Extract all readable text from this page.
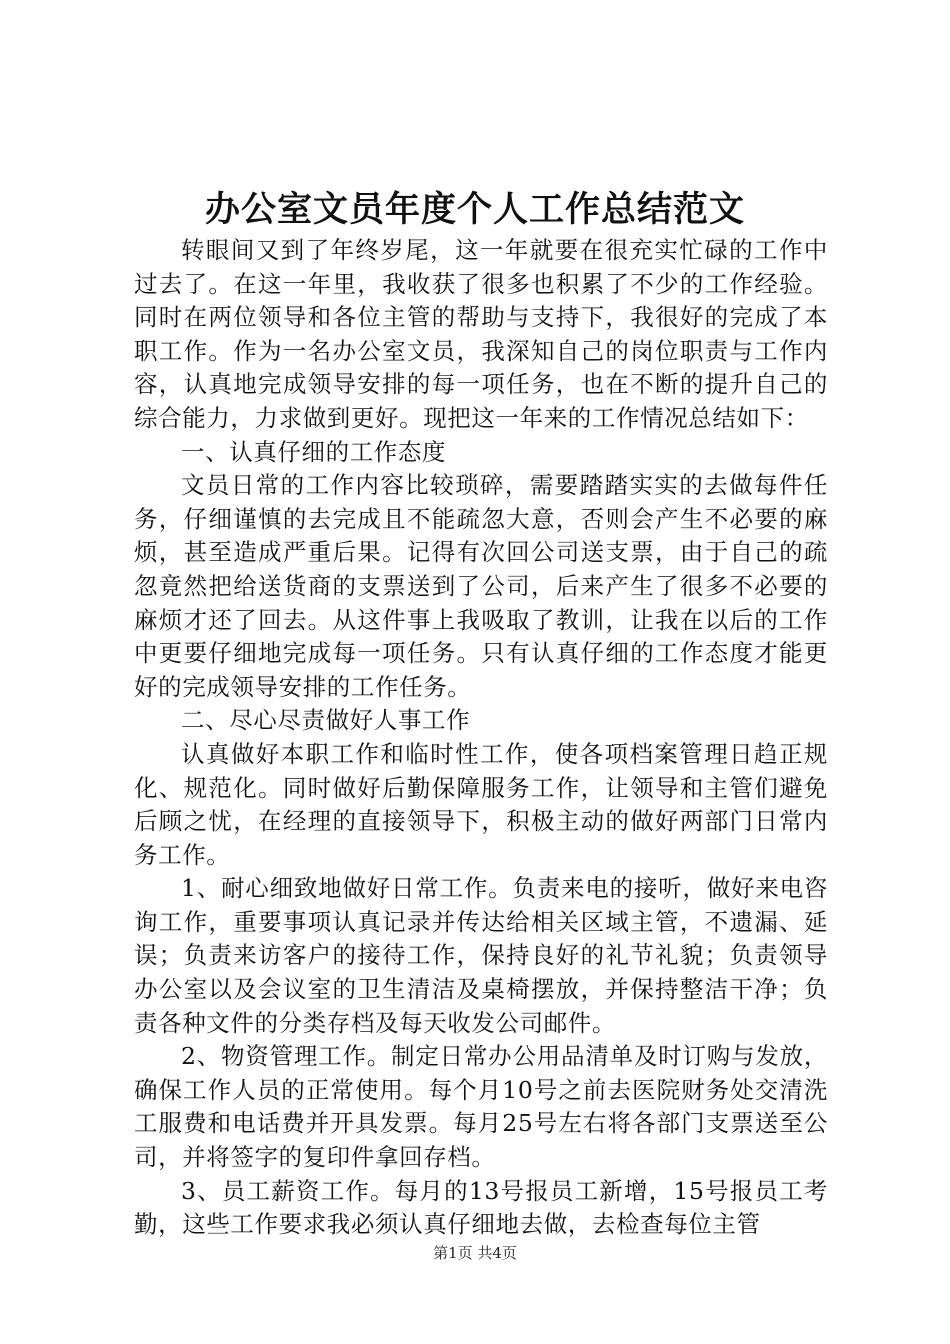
办公室文员年度个人工作总结范文

转眼间又到了年终岁尾，这一年就要在很充实忙碌的工作中过去了。在这一年里，我收获了很多也积累了不少的工作经验。同时在两位领导和各位主管的帮助与支持下，我很好的完成了本职工作。作为一名办公室文员，我深知自己的岗位职责与工作内容，认真地完成领导安排的每一项任务，也在不断的提升自己的综合能力，力求做到更好。现把这一年来的工作情况总结如下：

一、认真仔细的工作态度

文员日常的工作内容比较琐碎，需要踏踏实实的去做每件任务，仔细谨慎的去完成且不能疏忽大意，否则会产生不必要的麻烦，甚至造成严重后果。记得有次回公司送支票，由于自己的疏忽竟然把给送货商的支票送到了公司，后来产生了很多不必要的麻烦才还了回去。从这件事上我吸取了教训，让我在以后的工作中更要仔细地完成每一项任务。只有认真仔细的工作态度才能更好的完成领导安排的工作任务。

二、尽心尽责做好人事工作

认真做好本职工作和临时性工作，使各项档案管理日趋正规化、规范化。同时做好后勤保障服务工作，让领导和主管们避免后顾之忧，在经理的直接领导下，积极主动的做好两部门日常内务工作。

1、耐心细致地做好日常工作。负责来电的接听，做好来电咨询工作，重要事项认真记录并传达给相关区域主管，不遗漏、延误；负责来访客户的接待工作，保持良好的礼节礼貌；负责领导办公室以及会议室的卫生清洁及桌椅摆放，并保持整洁干净；负责各种文件的分类存档及每天收发公司邮件。

2、物资管理工作。制定日常办公用品清单及时订购与发放，确保工作人员的正常使用。每个月10号之前去医院财务处交清洗工服费和电话费并开具发票。每月25号左右将各部门支票送至公司，并将签字的复印件拿回存档。

3、员工薪资工作。每月的13号报员工新增，15号报员工考勤，这些工作要求我必须认真仔细地去做，去检查每位主管

第1页 共4页
